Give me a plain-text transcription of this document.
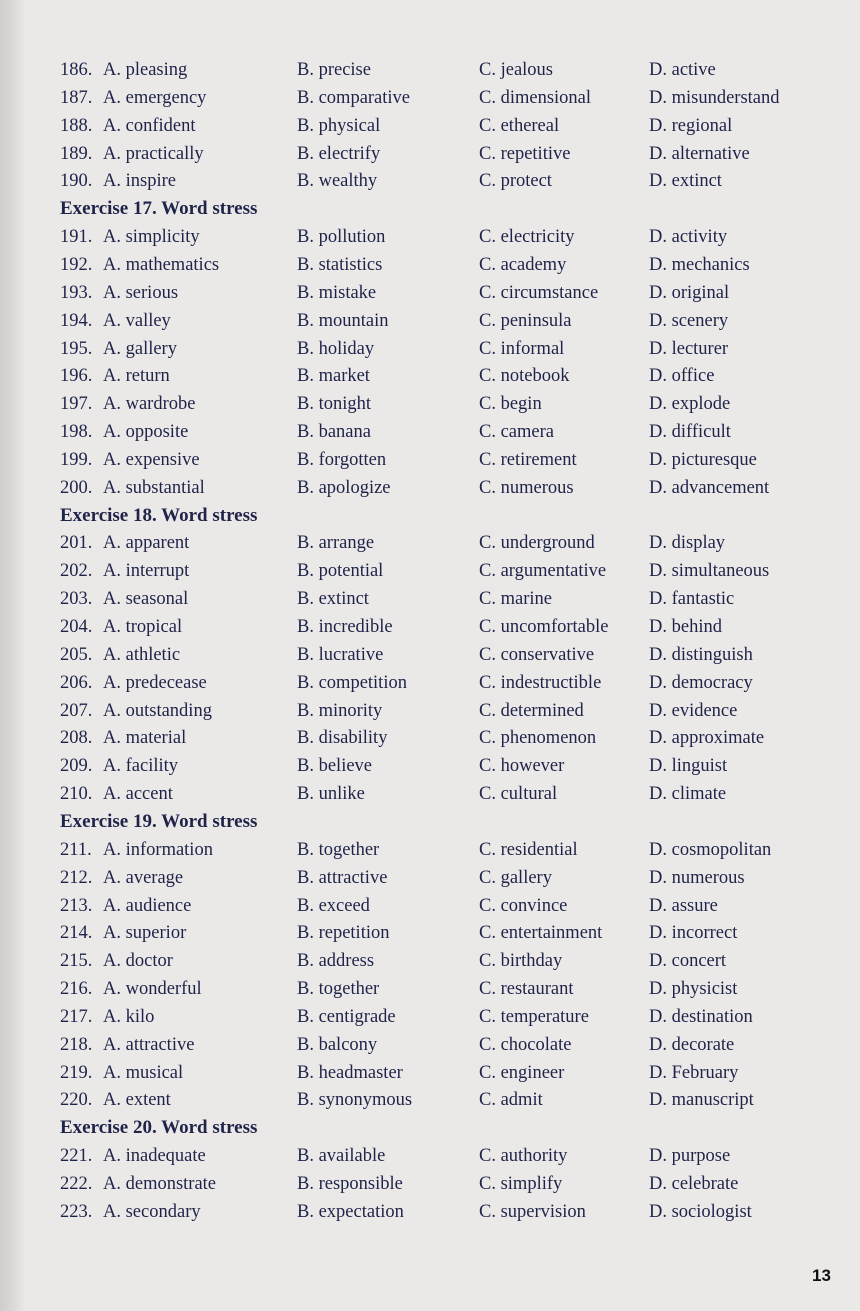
186. A. pleasing	B. precise	C. jealous	D. active
187. A. emergency	B. comparative	C. dimensional	D. misunderstand
188. A. confident	B. physical	C. ethereal	D. regional
189. A. practically	B. electrify	C. repetitive	D. alternative
190. A. inspire	B. wealthy	C. protect	D. extinct
Exercise 17. Word stress
191. A. simplicity	B. pollution	C. electricity	D. activity
192. A. mathematics	B. statistics	C. academy	D. mechanics
193. A. serious	B. mistake	C. circumstance	D. original
194. A. valley	B. mountain	C. peninsula	D. scenery
195. A. gallery	B. holiday	C. informal	D. lecturer
196. A. return	B. market	C. notebook	D. office
197. A. wardrobe	B. tonight	C. begin	D. explode
198. A. opposite	B. banana	C. camera	D. difficult
199. A. expensive	B. forgotten	C. retirement	D. picturesque
200. A. substantial	B. apologize	C. numerous	D. advancement
Exercise 18. Word stress
201. A. apparent	B. arrange	C. underground	D. display
202. A. interrupt	B. potential	C. argumentative D. simultaneous
203. A. seasonal	B. extinct	C. marine	D. fantastic
204. A. tropical	B. incredible	C. uncomfortable D. behind
205. A. athletic	B. lucrative	C. conservative	D. distinguish
206. A. predecease	B. competition	C. indestructible	D. democracy
207. A. outstanding	B. minority	C. determined	D. evidence
208. A. material	B. disability	C. phenomenon	D. approximate
209. A. facility	B. believe	C. however	D. linguist
210. A. accent	B. unlike	C. cultural	D. climate
Exercise 19. Word stress
211. A. information	B. together	C. residential	D. cosmopolitan
212. A. average	B. attractive	C. gallery	D. numerous
213. A. audience	B. exceed	C. convince	D. assure
214. A. superior	B. repetition	C. entertainment	D. incorrect
215. A. doctor	B. address	C. birthday	D. concert
216. A. wonderful	B. together	C. restaurant	D. physicist
217. A. kilo	B. centigrade	C. temperature	D. destination
218. A. attractive	B. balcony	C. chocolate	D. decorate
219. A. musical	B. headmaster	C. engineer	D. February
220. A. extent	B. synonymous	C. admit	D. manuscript
Exercise 20. Word stress
221. A. inadequate	B. available	C. authority	D. purpose
222. A. demonstrate	B. responsible	C. simplify	D. celebrate
223. A. secondary	B. expectation	C. supervision	D. sociologist
13
